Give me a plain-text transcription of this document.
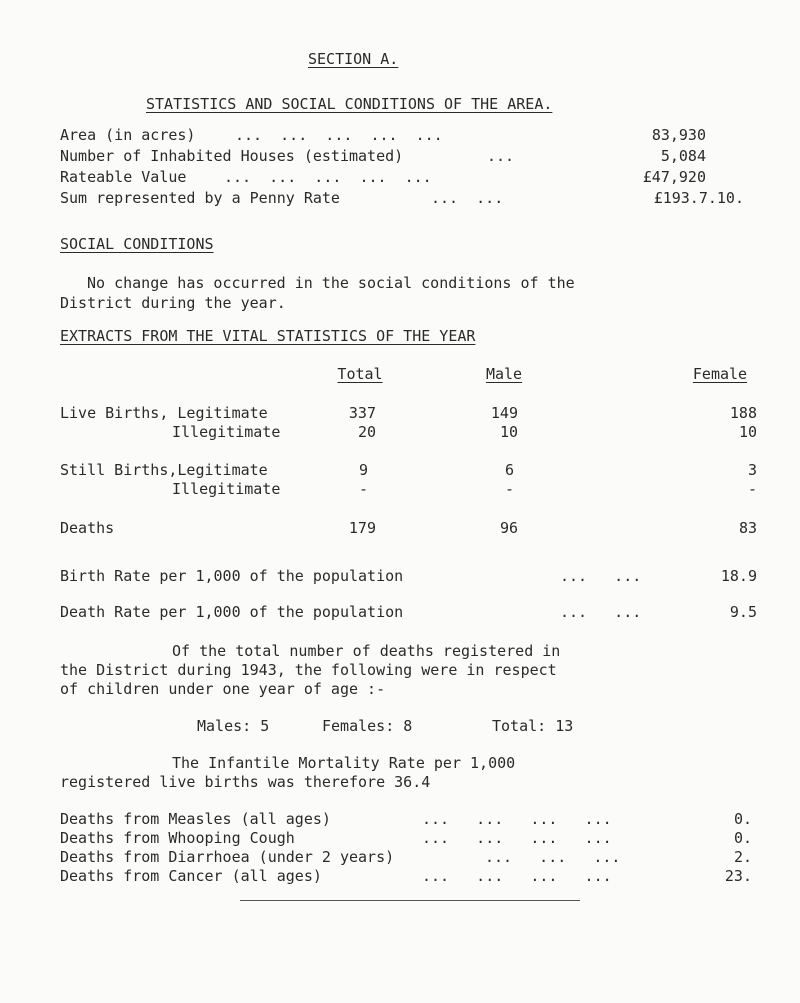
SECTION A.
STATISTICS AND SOCIAL CONDITIONS OF THE AREA.
Area (in acres)	...  ...  ...  ...  ...	83,930
Number of Inhabited Houses (estimated)	...	5,084
Rateable Value	...  ...  ...  ...  ...	£47,920
Sum represented by a Penny Rate	...  ...	£193.7.10.
SOCIAL CONDITIONS
No change has occurred in the social conditions of the
District during the year.
EXTRACTS FROM THE VITAL STATISTICS OF THE YEAR
Total	Male	Female
Live Births, Legitimate	337	149	188
Illegitimate	20	10	10
Still Births,Legitimate	9	6	3
Illegitimate	-	-	-
Deaths	179	96	83
Birth Rate per 1,000 of the population	...   ...	18.9
Death Rate per 1,000 of the population	...   ...	9.5
Of the total number of deaths registered in
the District during 1943, the following were in respect
of children under one year of age :-
Males: 5	Females: 8	Total: 13
The Infantile Mortality Rate per 1,000
registered live births was therefore 36.4
Deaths from Measles (all ages)	...   ...   ...   ...	0.
Deaths from Whooping Cough	...   ...   ...   ...	0.
Deaths from Diarrhoea (under 2 years)	...   ...   ...	2.
Deaths from Cancer (all ages)	...   ...   ...   ...	23.
